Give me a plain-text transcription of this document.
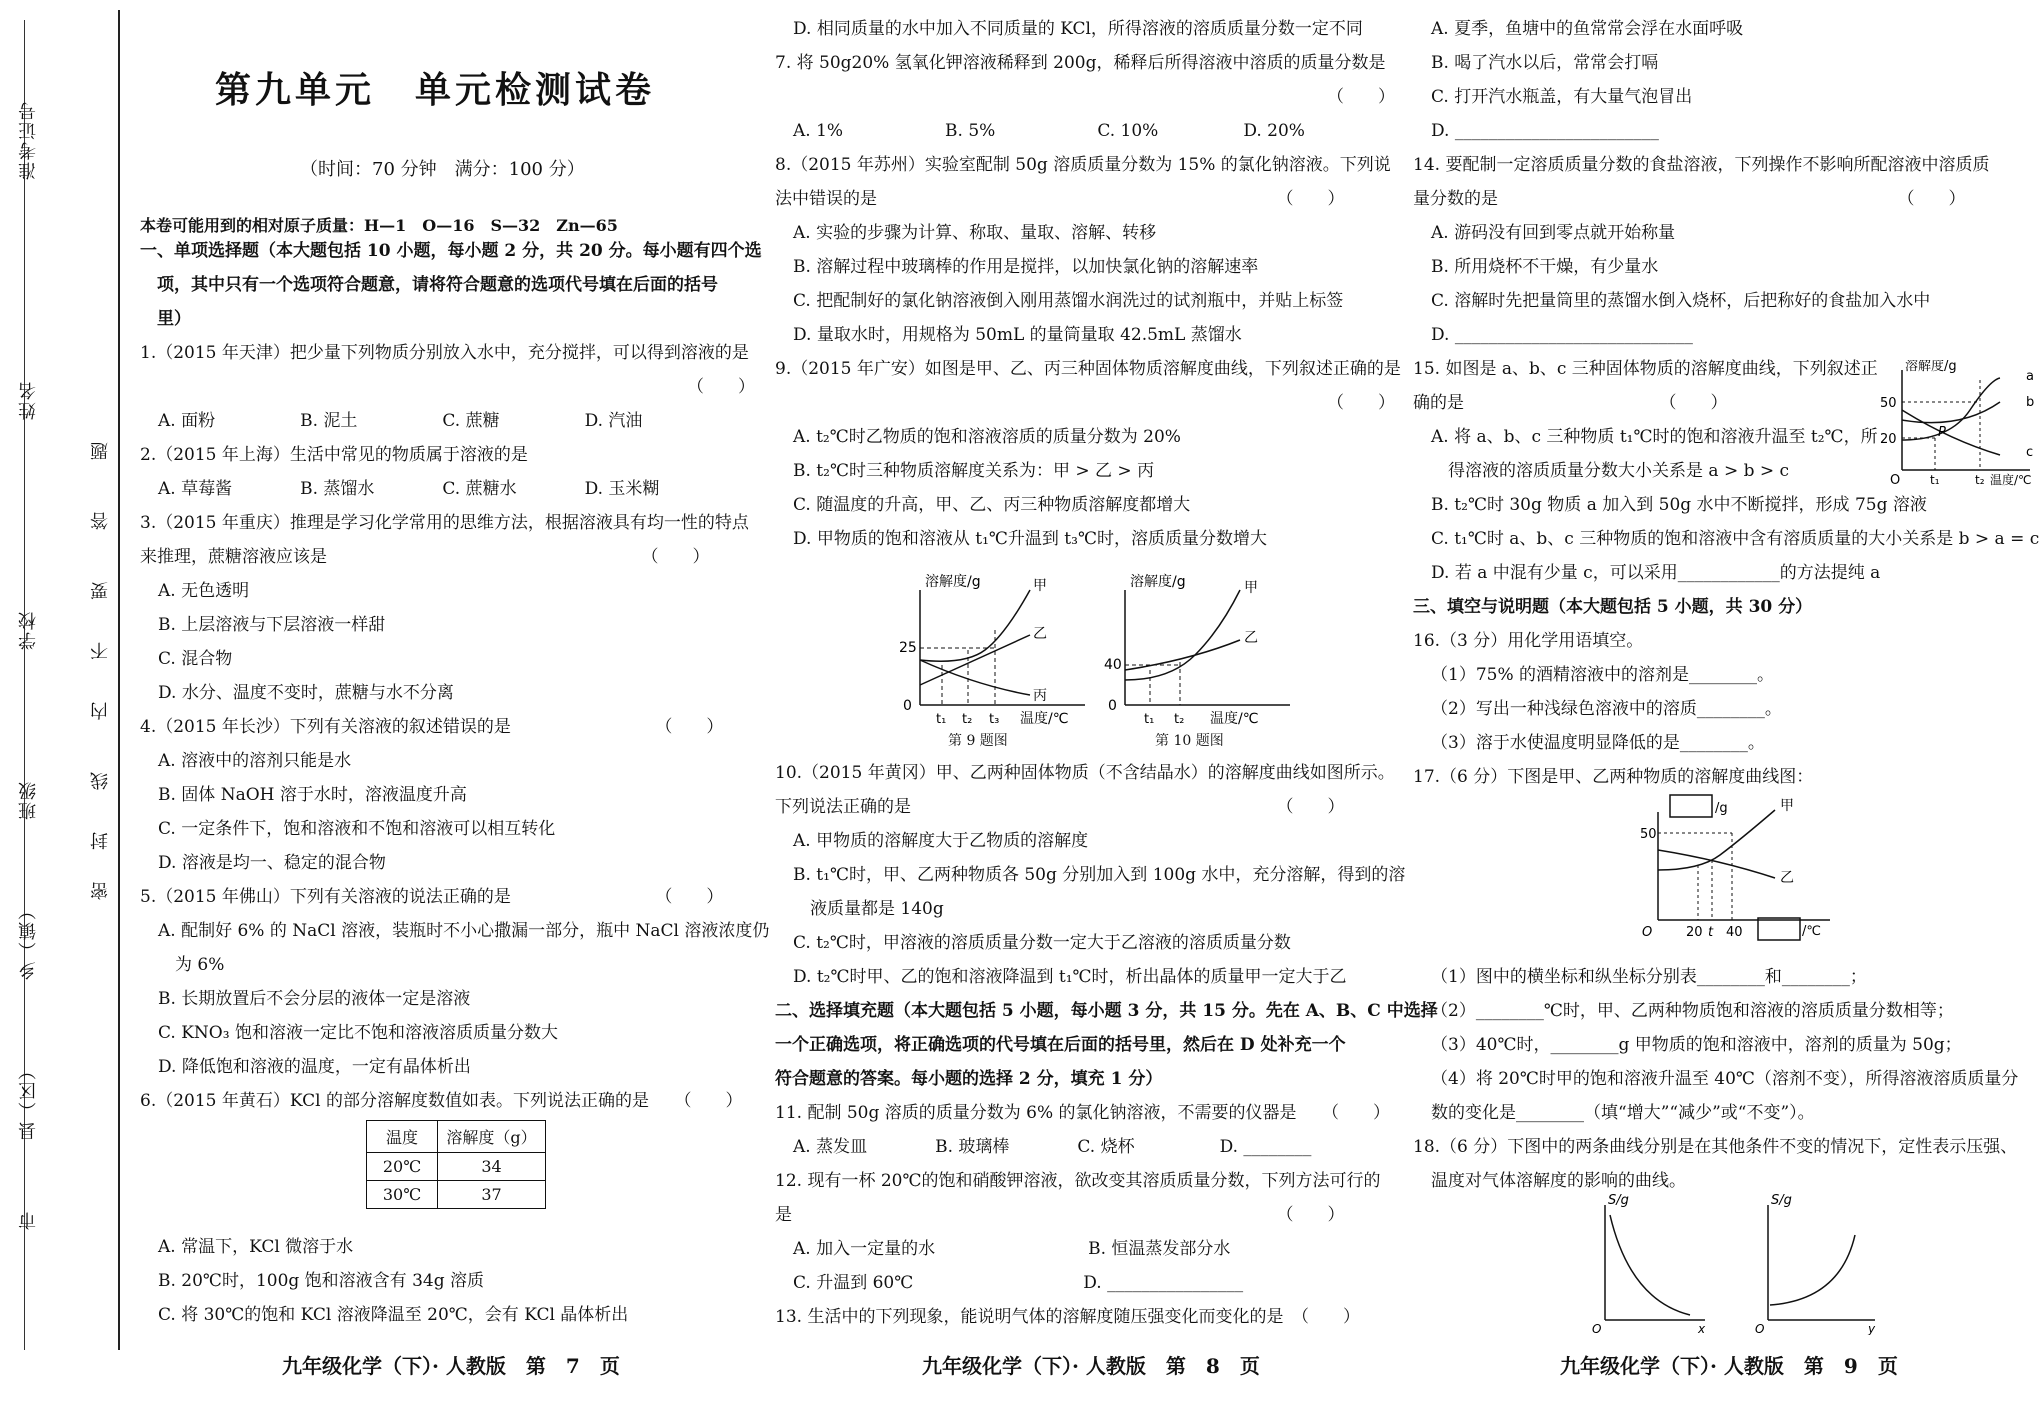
准考证号
姓名
学校
班级
乡（镇）
县（区）
市
密
封
线
内
不
要
答
题
第九单元　单元检测试卷
（时间：70 分钟　满分：100 分）
本卷可能用到的相对原子质量：H—1　O—16　S—32　Zn—65
一、单项选择题（本大题包括 10 小题，每小题 2 分，共 20 分。每小题有四个选
　项，其中只有一个选项符合题意，请将符合题意的选项代号填在后面的括号
　里）
1.（2015 年天津）把少量下列物质分别放入水中，充分搅拌，可以得到溶液的是
（　　）
A. 面粉　　　　　B. 泥土　　　　　C. 蔗糖　　　　　D. 汽油
2.（2015 年上海）生活中常见的物质属于溶液的是
A. 草莓酱　　　　B. 蒸馏水　　　　C. 蔗糖水　　　　D. 玉米糊
3.（2015 年重庆）推理是学习化学常用的思维方法，根据溶液具有均一性的特点
来推理，蔗糖溶液应该是　　　　　　　　　　　　　　　　　　　（　　）
A. 无色透明
B. 上层溶液与下层溶液一样甜
C. 混合物
D. 水分、温度不变时，蔗糖与水不分离
4.（2015 年长沙）下列有关溶液的叙述错误的是　　　　　　　　　（　　）
A. 溶液中的溶剂只能是水
B. 固体 NaOH 溶于水时，溶液温度升高
C. 一定条件下，饱和溶液和不饱和溶液可以相互转化
D. 溶液是均一、稳定的混合物
5.（2015 年佛山）下列有关溶液的说法正确的是　　　　　　　　　（　　）
A. 配制好 6% 的 NaCl 溶液，装瓶时不小心撒漏一部分，瓶中 NaCl 溶液浓度仍
　为 6%
B. 长期放置后不会分层的液体一定是溶液
C. KNO₃ 饱和溶液一定比不饱和溶液溶质质量分数大
D. 降低饱和溶液的温度，一定有晶体析出
6.（2015 年黄石）KCl 的部分溶解度数值如表。下列说法正确的是　　（　　）
A. 常温下，KCl 微溶于水
B. 20℃时，100g 饱和溶液含有 34g 溶质
C. 将 30℃的饱和 KCl 溶液降温至 20℃，会有 KCl 晶体析出
D. 相同质量的水中加入不同质量的 KCl，所得溶液的溶质质量分数一定不同
7. 将 50g20% 氢氧化钾溶液稀释到 200g，稀释后所得溶液中溶质的质量分数是
（　　）
A. 1%　　　　　　B. 5%　　　　　　C. 10%　　　　　D. 20%
8.（2015 年苏州）实验室配制 50g 溶质质量分数为 15% 的氯化钠溶液。下列说
法中错误的是　　　　　　　　　　　　　　　　　　　　　　　　（　　）
A. 实验的步骤为计算、称取、量取、溶解、转移
B. 溶解过程中玻璃棒的作用是搅拌，以加快氯化钠的溶解速率
C. 把配制好的氯化钠溶液倒入刚用蒸馏水润洗过的试剂瓶中，并贴上标签
D. 量取水时，用规格为 50mL 的量筒量取 42.5mL 蒸馏水
9.（2015 年广安）如图是甲、乙、丙三种固体物质溶解度曲线，下列叙述正确的是
（　　）
A. t₂℃时乙物质的饱和溶液溶质的质量分数为 20%
B. t₂℃时三种物质溶解度关系为：甲 > 乙 > 丙
C. 随温度的升高，甲、乙、丙三种物质溶解度都增大
D. 甲物质的饱和溶液从 t₁℃升温到 t₃℃时，溶质质量分数增大
10.（2015 年黄冈）甲、乙两种固体物质（不含结晶水）的溶解度曲线如图所示。
下列说法正确的是　　　　　　　　　　　　　　　　　　　　　　（　　）
A. 甲物质的溶解度大于乙物质的溶解度
B. t₁℃时，甲、乙两种物质各 50g 分别加入到 100g 水中，充分溶解，得到的溶
　液质量都是 140g
C. t₂℃时，甲溶液的溶质质量分数一定大于乙溶液的溶质质量分数
D. t₂℃时甲、乙的饱和溶液降温到 t₁℃时，析出晶体的质量甲一定大于乙
二、选择填充题（本大题包括 5 小题，每小题 3 分，共 15 分。先在 A、B、C 中选择
一个正确选项，将正确选项的代号填在后面的括号里，然后在 D 处补充一个
符合题意的答案。每小题的选择 2 分，填充 1 分）
11. 配制 50g 溶质的质量分数为 6% 的氯化钠溶液，不需要的仪器是　　（　　）
A. 蒸发皿　　　　B. 玻璃棒　　　　C. 烧杯　　　　　D. ________
12. 现有一杯 20℃的饱和硝酸钾溶液，欲改变其溶质质量分数，下列方法可行的
是　　　　　　　　　　　　　　　　　　　　　　　　　　　　　（　　）
A. 加入一定量的水　　　　　　　　　B. 恒温蒸发部分水
C. 升温到 60℃　　　　　　　　　　D. ________________
13. 生活中的下列现象，能说明气体的溶解度随压强变化而变化的是　（　　）
A. 夏季，鱼塘中的鱼常常会浮在水面呼吸
B. 喝了汽水以后，常常会打嗝
C. 打开汽水瓶盖，有大量气泡冒出
D. ________________________
14. 要配制一定溶质质量分数的食盐溶液，下列操作不影响所配溶液中溶质质
量分数的是　　　　　　　　　　　　　　　　　　　　　　　　（　　）
A. 游码没有回到零点就开始称量
B. 所用烧杯不干燥，有少量水
C. 溶解时先把量筒里的蒸馏水倒入烧杯，后把称好的食盐加入水中
D. ____________________________
15. 如图是 a、b、c 三种固体物质的溶解度曲线，下列叙述正
确的是　　　　　　　　　　　　（　　）
A. 将 a、b、c 三种物质 t₁℃时的饱和溶液升温至 t₂℃，所
　得溶液的溶质质量分数大小关系是 a > b > c
B. t₂℃时 30g 物质 a 加入到 50g 水中不断搅拌，形成 75g 溶液
C. t₁℃时 a、b、c 三种物质的饱和溶液中含有溶质质量的大小关系是 b > a = c
D. 若 a 中混有少量 c，可以采用____________的方法提纯 a
三、填空与说明题（本大题包括 5 小题，共 30 分）
16.（3 分）用化学用语填空。
（1）75% 的酒精溶液中的溶剂是________。
（2）写出一种浅绿色溶液中的溶质________。
（3）溶于水使温度明显降低的是________。
17.（6 分）下图是甲、乙两种物质的溶解度曲线图：
（1）图中的横坐标和纵坐标分别表________和________；
（2）________℃时，甲、乙两种物质饱和溶液的溶质质量分数相等；
（3）40℃时，________g 甲物质的饱和溶液中，溶剂的质量为 50g；
（4）将 20℃时甲的饱和溶液升温至 40℃（溶剂不变），所得溶液溶质质量分
数的变化是________（填“增大”“减少”或“不变”）。
18.（6 分）下图中的两条曲线分别是在其他条件不变的情况下，定性表示压强、
温度对气体溶解度的影响的曲线。
温度	溶解度（g）
20℃	34
30℃	37
溶解度/g
25
0
t₁ t₂ t₃ 温度/℃
甲
乙
丙
第 9 题图
溶解度/g
40
0
t₁ t₂ 温度/℃
甲
乙
第 10 题图
溶解度/g
50
20
O t₁	t₂ 温度/℃
a
b
c
P
/g
/℃
50
O	20 t 40
甲
乙
S/g
O	x
S/g
O	y
九年级化学（下）· 人教版　第　7　页	九年级化学（下）· 人教版　第　8　页	九年级化学（下）· 人教版　第　9　页
